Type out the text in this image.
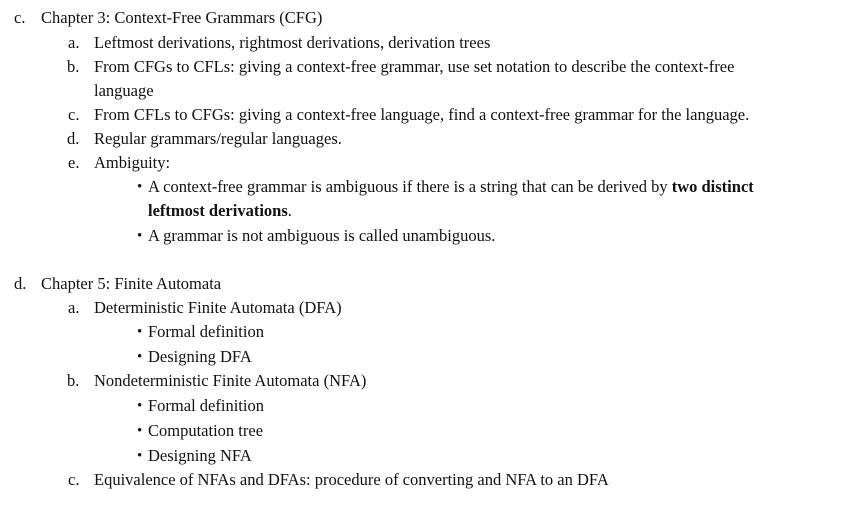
c. Chapter 3: Context-Free Grammars (CFG)
a. Leftmost derivations, rightmost derivations, derivation trees
b. From CFGs to CFLs: giving a context-free grammar, use set notation to describe the context-free
language
c. From CFLs to CFGs: giving a context-free language, find a context-free grammar for the language.
d. Regular grammars/regular languages.
e. Ambiguity:
• A context-free grammar is ambiguous if there is a string that can be derived by two distinct
leftmost derivations.
• A grammar is not ambiguous is called unambiguous.
d. Chapter 5: Finite Automata
a. Deterministic Finite Automata (DFA)
• Formal definition
• Designing DFA
b. Nondeterministic Finite Automata (NFA)
• Formal definition
• Computation tree
• Designing NFA
c. Equivalence of NFAs and DFAs: procedure of converting and NFA to an DFA
